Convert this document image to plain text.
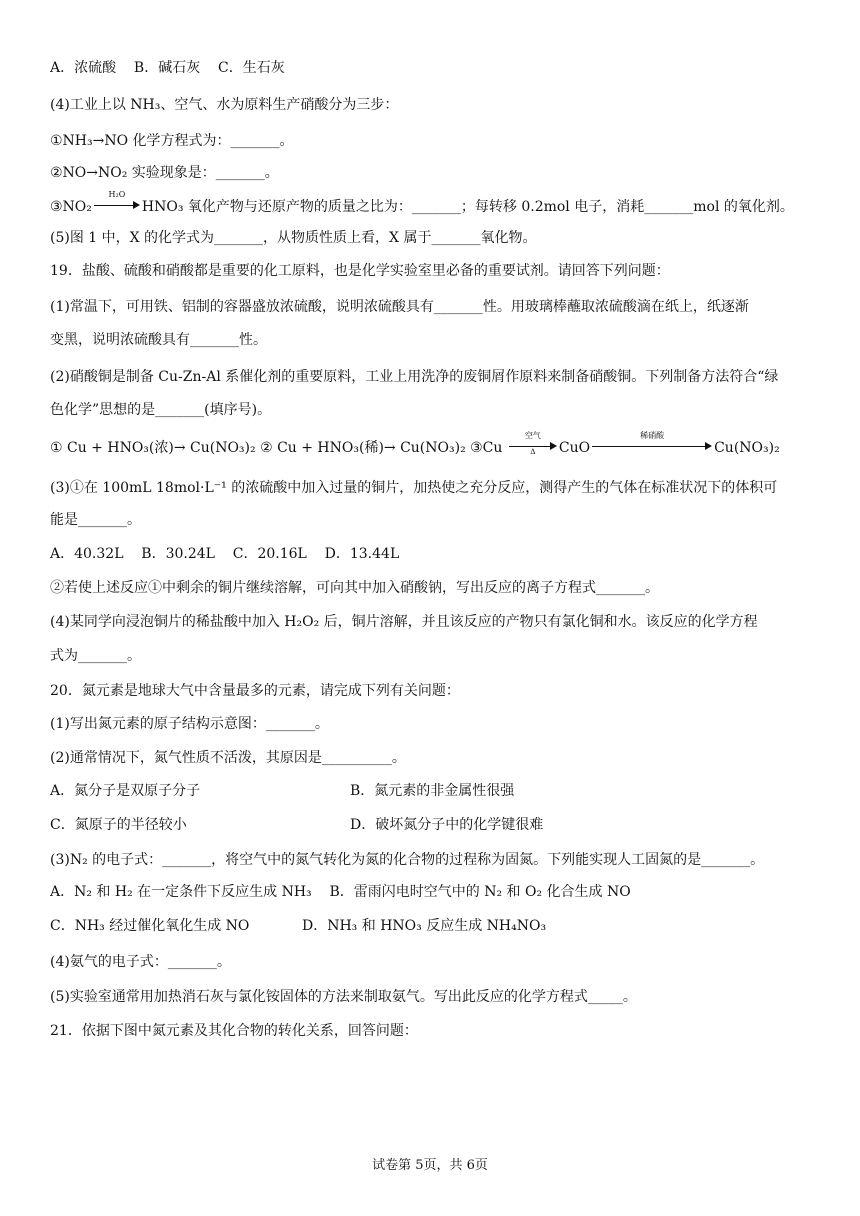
A．浓硫酸    B．碱石灰    C．生石灰
(4)工业上以 NH₃、空气、水为原料生产硝酸分为三步：
①NH₃→NO 化学方程式为：_______。
②NO→NO₂ 实验现象是：_______。
③NO₂
H₂O
HNO₃ 氧化产物与还原产物的质量之比为：_______；每转移 0.2mol 电子，消耗_______mol 的氧化剂。
(5)图 1 中，X 的化学式为_______，从物质性质上看，X 属于_______氧化物。
19．盐酸、硫酸和硝酸都是重要的化工原料，也是化学实验室里必备的重要试剂。请回答下列问题：
(1)常温下，可用铁、铝制的容器盛放浓硫酸，说明浓硫酸具有_______性。用玻璃棒蘸取浓硫酸滴在纸上，纸逐渐
变黑，说明浓硫酸具有_______性。
(2)硝酸铜是制备 Cu-Zn-Al 系催化剂的重要原料，工业上用洗净的废铜屑作原料来制备硝酸铜。下列制备方法符合“绿
色化学”思想的是_______(填序号)。
① Cu + HNO₃(浓)→ Cu(NO₃)₂ ② Cu + HNO₃(稀)→ Cu(NO₃)₂ ③Cu
空气
Δ	CuO
稀硝酸
Cu(NO₃)₂
(3)①在 100mL 18mol·L⁻¹ 的浓硫酸中加入过量的铜片，加热使之充分反应，测得产生的气体在标准状况下的体积可
能是_______。
A．40.32L    B．30.24L    C．20.16L    D．13.44L
②若使上述反应①中剩余的铜片继续溶解，可向其中加入硝酸钠，写出反应的离子方程式_______。
(4)某同学向浸泡铜片的稀盐酸中加入 H₂O₂ 后，铜片溶解，并且该反应的产物只有氯化铜和水。该反应的化学方程
式为_______。
20．氮元素是地球大气中含量最多的元素，请完成下列有关问题：
(1)写出氮元素的原子结构示意图：_______。
(2)通常情况下，氮气性质不活泼，其原因是__________。
A．氮分子是双原子分子	B．氮元素的非金属性很强
C．氮原子的半径较小	D．破坏氮分子中的化学键很难
(3)N₂ 的电子式：_______，将空气中的氮气转化为氮的化合物的过程称为固氮。下列能实现人工固氮的是_______。
A．N₂ 和 H₂ 在一定条件下反应生成 NH₃    B．雷雨闪电时空气中的 N₂ 和 O₂ 化合生成 NO
C．NH₃ 经过催化氧化生成 NO	D．NH₃ 和 HNO₃ 反应生成 NH₄NO₃
(4)氨气的电子式：_______。
(5)实验室通常用加热消石灰与氯化铵固体的方法来制取氨气。写出此反应的化学方程式_____。
21．依据下图中氮元素及其化合物的转化关系，回答问题：
试卷第 5页，共 6页
